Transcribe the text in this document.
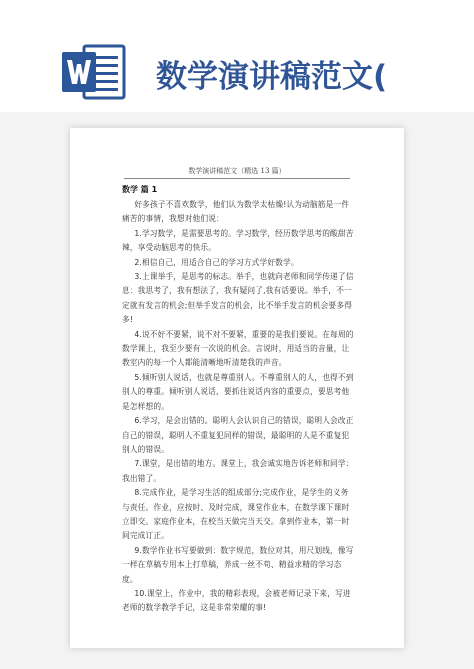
数学演讲稿范文(

数学演讲稿范文（精选 13 篇）
数学 篇 1

好多孩子不喜欢数学，他们认为数学太枯燥!认为动脑筋是一件痛苦的事情，我想对他们说：

1.学习数学，是需要思考的。学习数学，经历数学思考的酸甜苦辣，享受动脑思考的快乐。

2.相信自己，用适合自己的学习方式学好数学。

3.上课举手，是思考的标志。举手，也就向老师和同学传递了信息：我思考了，我有想法了，我有疑问了,我有话要说。举手，不一定就有发言的机会;但举手发言的机会，比不举手发言的机会要多得多!

4.说不好不要紧，说不对不要紧，重要的是我们要说。在每周的数学课上，我至少要有一次说的机会。言说时，用适当的音量，让教室内的每一个人都能清晰地听清楚我的声音。

5.倾听别人说话，也就是尊重别人。不尊重别人的人，也得不到别人的尊重。倾听别人说话，要抓住说话内容的重要点，要思考他是怎样想的。

6.学习，是会出错的。聪明人会认识自己的错误，聪明人会改正自己的错误，聪明人不重复犯同样的错误，最聪明的人是不重复犯别人的错误。

7.课堂，是出错的地方。课堂上，我会诚实地告诉老师和同学：我出错了。

8.完成作业，是学习生活的组成部分;完成作业，是学生的义务与责任。作业，应按时、及时完成，课堂作业本，在数学课下课时立即交。家庭作业本，在校当天做完当天交。拿到作业本，第一时间完成订正。

9.数学作业书写要做到：数字规范，数位对其，用尺划线，像写一样在草稿专用本上打草稿，养成一丝不苟、精益求精的学习态度。

10.课堂上，作业中，我的精彩表现，会被老师记录下来，写进老师的数学教学手记，这是非常荣耀的事!
